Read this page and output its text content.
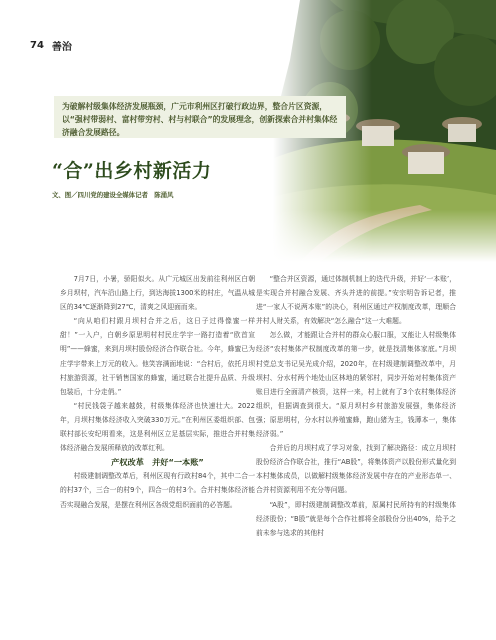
74 善治
为破解村级集体经济发展瓶颈，广元市利州区打破行政边界，整合片区资源，以“强村带弱村、富村带穷村、村与村联合”的发展理念，创新探索合并村集体经济融合发展路径。
“合”出乡村新活力
文、图／四川党的建设全媒体记者　陈涌风

7月7日，小暑，骄阳似火。从广元城区出发前往利州区白朝乡月坝村，汽车沿山路上行，到达海拔1300米的村庄，气温从城区的34℃逐渐降到27℃，清爽之风迎面而来。

“向从咱们村跟月坝村合并之后，这日子过得像蜜一样甜！”一入户，白朝乡原思明村村民庄学宇一路打造着“欧首宣明”——蜂蜜，来到月坝村股份经济合作联合社。今年，蜂蜜已为庄学宇带来上万元的收入。他笑容满面地说：“合村后，依托月坝村旅游资源，社干销售国家的蜂蜜，通过联合社提升品质、升级包装后，十分走俏。”

“村民钱袋子越来越鼓，村级集体经济也快速壮大。2022年，月坝村集体经济收入突破330万元。”在利州区委组织部、包联村部长安纪明看来，这是利州区立足基层实际，推进合并村集体经济融合发展所释放的改革红利。

产权改革　并好“一本账”

村级建制调整改革后，利州区现有行政村84个，其中二合一的村37个，三合一的村9个，四合一的村3个。合并村集体经济能否实现融合发展，是摆在利州区各级党组织面前的必答题。

“整合并区资源，通过体制机制上的迭代升级，并好‘一本账’，是实现合并村融合发展、齐头并进的前提。”安宗明告诉记者，推进“一家人不说两本账”的决心，利州区通过产权制度改革，理顺合并村人财关系，有效解决“怎么融合”这一大难题。

怎么做，才能跟让合并村的群众心服口服，又能让人村级集体经济“农村集体产权制度改革的第一步，就是找清集体家底。”月坝村党总支书记吴光成介绍，2020年，在村级建制调整改革中，月坝村、分水村两个地处山区林地的紧邻村，同步开始对村集体资产账目进行全面清产核资，这样一来，村上就有了3个农村集体经济组织，但据调查到很大。“原月坝村乡村旅游发展强，集体经济强；原思明村，分水村以养殖蜜蜂，跑山猪为主，钱薄本一，集体经济弱。”

合并后的月坝村成了学习对象，找到了解决路径：成立月坝村股份经济合作联合社，推行“AB股”，将集体资产以股份形式量化到本村集体成员，以做解村级集体经济发展中存在的产业形态单一、合并村资源利用不充分等问题。

“A股”，即村级建制调整改革前，原属村民所持有的村级集体经济股份；“B股”就是每个合作社都将全部股份分出40%，给予之前未参与选求的其他村
